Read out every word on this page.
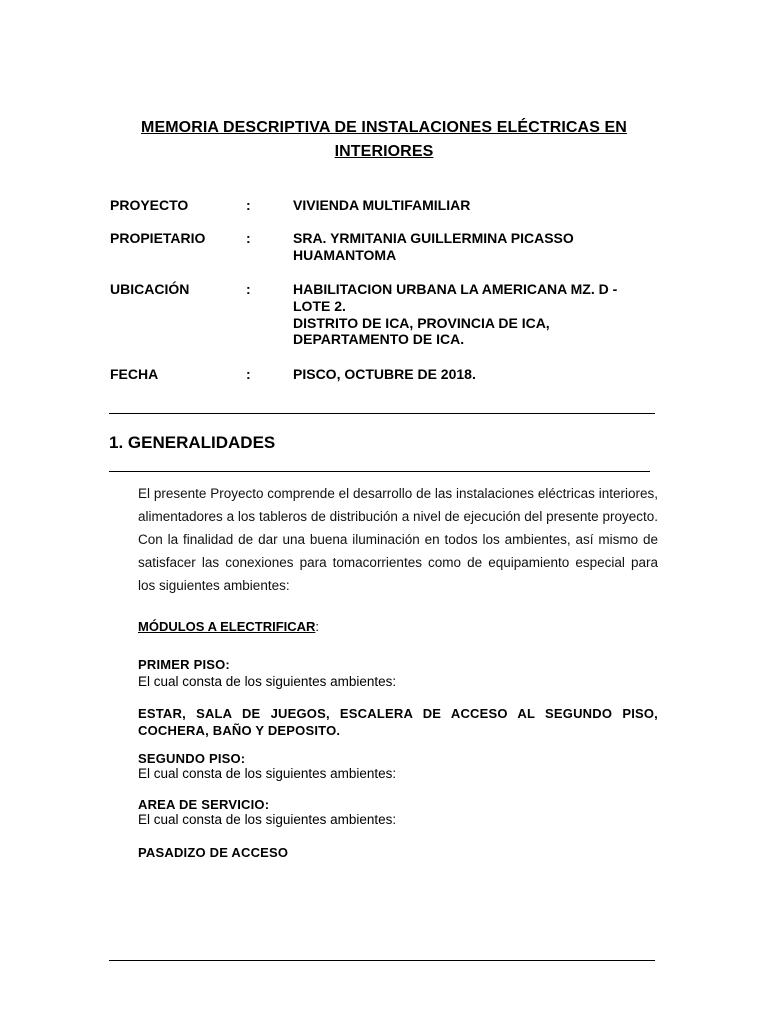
MEMORIA DESCRIPTIVA DE INSTALACIONES ELÉCTRICAS EN
INTERIORES
PROYECTO	:	VIVIENDA MULTIFAMILIAR
PROPIETARIO	:	SRA. YRMITANIA GUILLERMINA PICASSO
HUAMANTOMA
UBICACIÓN	:	HABILITACION URBANA LA AMERICANA MZ. D -
LOTE 2.
DISTRITO DE ICA, PROVINCIA DE ICA,
DEPARTAMENTO DE ICA.
FECHA	:	PISCO, OCTUBRE DE 2018.
1. GENERALIDADES
El presente Proyecto comprende el desarrollo de las instalaciones eléctricas interiores, alimentadores a los tableros de distribución a nivel de ejecución del presente proyecto. Con la finalidad de dar una buena iluminación en todos los ambientes, así mismo de satisfacer las conexiones para tomacorrientes como de equipamiento especial para los siguientes ambientes:
MÓDULOS A ELECTRIFICAR:
PRIMER PISO:
El cual consta de los siguientes ambientes:
ESTAR, SALA DE JUEGOS, ESCALERA DE ACCESO AL SEGUNDO PISO, COCHERA, BAÑO Y DEPOSITO.
SEGUNDO PISO:
El cual consta de los siguientes ambientes:
AREA DE SERVICIO:
El cual consta de los siguientes ambientes:
PASADIZO DE ACCESO
